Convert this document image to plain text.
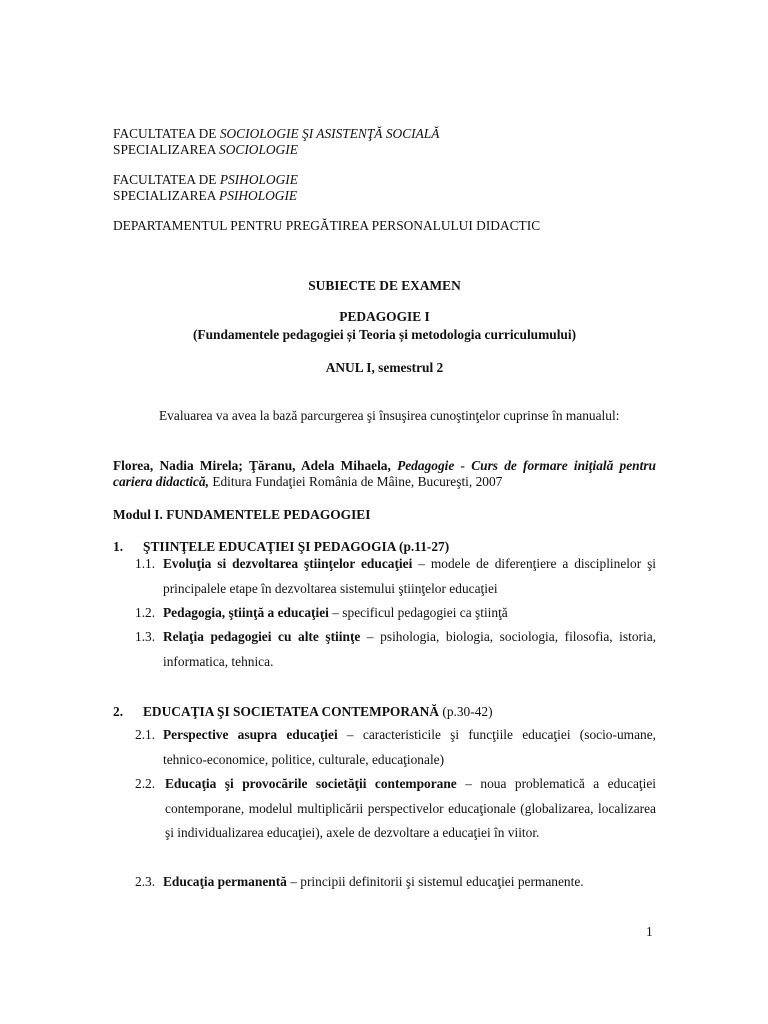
FACULTATEA DE SOCIOLOGIE ŞI ASISTENŢĂ SOCIALĂ
SPECIALIZAREA SOCIOLOGIE
FACULTATEA DE PSIHOLOGIE
SPECIALIZAREA PSIHOLOGIE
DEPARTAMENTUL PENTRU PREGĂTIREA PERSONALULUI DIDACTIC
SUBIECTE DE EXAMEN
PEDAGOGIE I
(Fundamentele pedagogiei și Teoria și metodologia curriculumului)
ANUL I, semestrul 2
Evaluarea va avea la bază parcurgerea şi însuşirea cunoştinţelor cuprinse în manualul:
Florea, Nadia Mirela; Ţăranu, Adela Mihaela, Pedagogie - Curs de formare iniţială pentru cariera didactică, Editura Fundaţiei România de Mâine, Bucureşti, 2007
Modul I. FUNDAMENTELE PEDAGOGIEI
1. ŞTIINŢELE EDUCAŢIEI ŞI PEDAGOGIA (p.11-27)
1.1. Evoluţia si dezvoltarea ştiinţelor educaţiei – modele de diferenţiere a disciplinelor şi principalele etape în dezvoltarea sistemului ştiinţelor educaţiei
1.2. Pedagogia, ştiinţă a educaţiei – specificul pedagogiei ca ştiinţă
1.3. Relaţia pedagogiei cu alte ştiinţe – psihologia, biologia, sociologia, filosofia, istoria, informatica, tehnica.
2. EDUCAŢIA ŞI SOCIETATEA CONTEMPORANĂ (p.30-42)
2.1. Perspective asupra educaţiei – caracteristicile şi funcţiile educaţiei (socio-umane, tehnico-economice, politice, culturale, educaţionale)
2.2. Educaţia şi provocările societăţii contemporane – noua problematică a educaţiei contemporane, modelul multiplicării perspectivelor educaţionale (globalizarea, localizarea şi individualizarea educaţiei), axele de dezvoltare a educaţiei în viitor.
2.3. Educaţia permanentă – principii definitorii şi sistemul educaţiei permanente.
1
